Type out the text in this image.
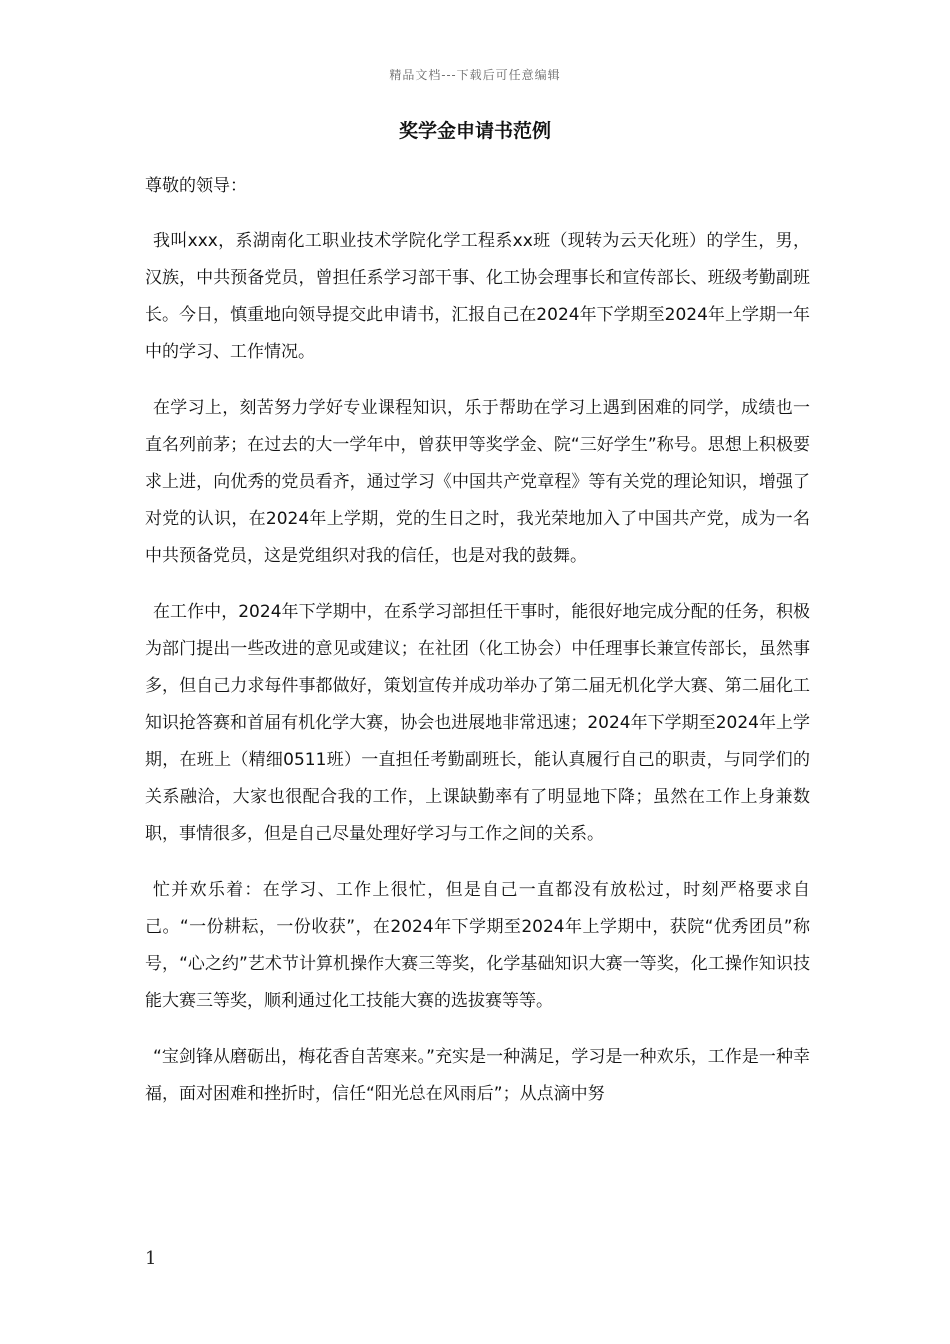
精品文档---下载后可任意编辑
奖学金申请书范例

尊敬的领导：

我叫xxx，系湖南化工职业技术学院化学工程系xx班（现转为云天化班）的学生，男，汉族，中共预备党员，曾担任系学习部干事、化工协会理事长和宣传部长、班级考勤副班长。今日，慎重地向领导提交此申请书，汇报自己在2024年下学期至2024年上学期一年中的学习、工作情况。

在学习上，刻苦努力学好专业课程知识，乐于帮助在学习上遇到困难的同学，成绩也一直名列前茅；在过去的大一学年中，曾获甲等奖学金、院“三好学生”称号。思想上积极要求上进，向优秀的党员看齐，通过学习《中国共产党章程》等有关党的理论知识，增强了对党的认识，在2024年上学期，党的生日之时，我光荣地加入了中国共产党，成为一名中共预备党员，这是党组织对我的信任，也是对我的鼓舞。

在工作中，2024年下学期中，在系学习部担任干事时，能很好地完成分配的任务，积极为部门提出一些改进的意见或建议；在社团（化工协会）中任理事长兼宣传部长，虽然事多，但自己力求每件事都做好，策划宣传并成功举办了第二届无机化学大赛、第二届化工知识抢答赛和首届有机化学大赛，协会也进展地非常迅速；2024年下学期至2024年上学期，在班上（精细0511班）一直担任考勤副班长，能认真履行自己的职责，与同学们的关系融洽，大家也很配合我的工作，上课缺勤率有了明显地下降；虽然在工作上身兼数职，事情很多，但是自己尽量处理好学习与工作之间的关系。

忙并欢乐着：在学习、工作上很忙，但是自己一直都没有放松过，时刻严格要求自己。“一份耕耘，一份收获”，在2024年下学期至2024年上学期中，获院“优秀团员”称号，“心之约”艺术节计算机操作大赛三等奖，化学基础知识大赛一等奖，化工操作知识技能大赛三等奖，顺利通过化工技能大赛的选拔赛等等。

“宝剑锋从磨砺出，梅花香自苦寒来。”充实是一种满足，学习是一种欢乐，工作是一种幸福，面对困难和挫折时，信任“阳光总在风雨后”；从点滴中努

1
